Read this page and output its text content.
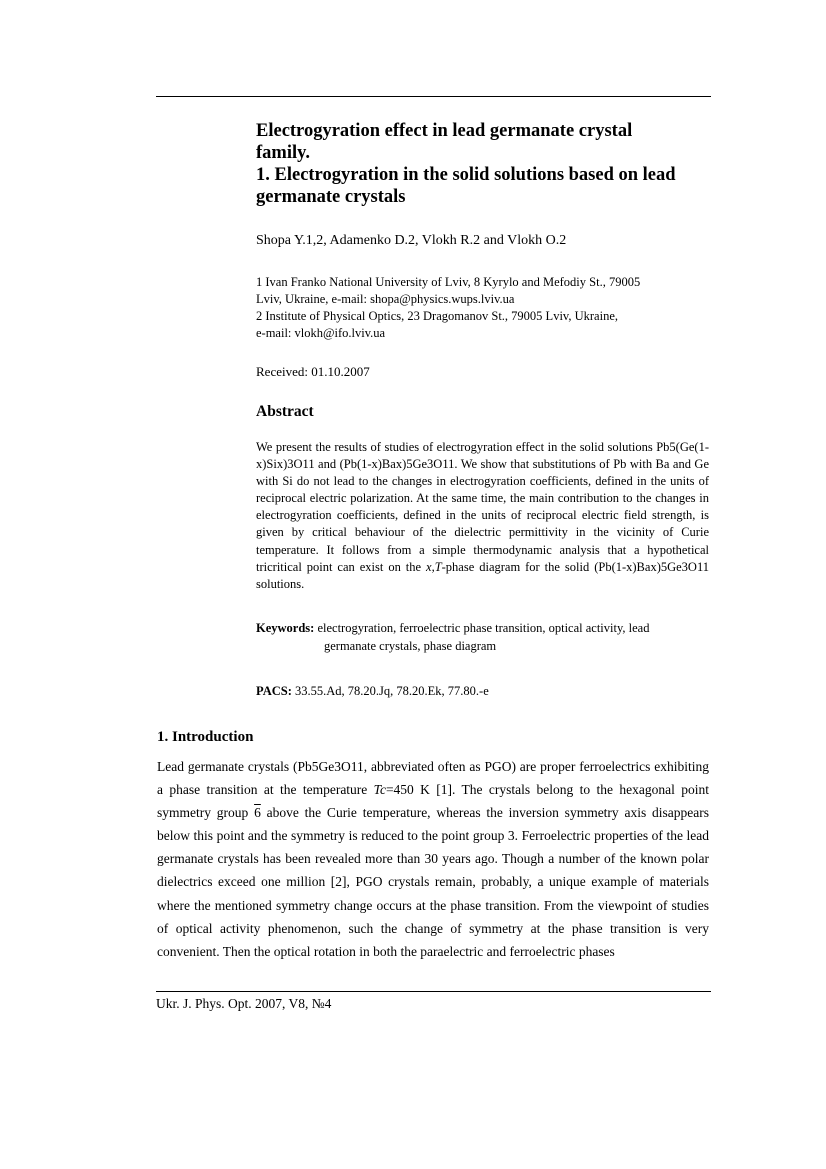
Electrogyration effect in lead germanate crystal
family.
1. Electrogyration in the solid solutions based on lead
germanate crystals
Shopa Y.1,2, Adamenko D.2, Vlokh R.2 and Vlokh O.2
1 Ivan Franko National University of Lviv, 8 Kyrylo and Mefodiy St., 79005
Lviv, Ukraine, e-mail: shopa@physics.wups.lviv.ua
2 Institute of Physical Optics, 23 Dragomanov St., 79005 Lviv, Ukraine,
e-mail: vlokh@ifo.lviv.ua
Received: 01.10.2007
Abstract

We present the results of studies of electrogyration effect in the solid solutions Pb5(Ge(1-x)Six)3O11 and (Pb(1-x)Bax)5Ge3O11. We show that substitutions of Pb with Ba and Ge with Si do not lead to the changes in electrogyration coefficients, defined in the units of reciprocal electric polarization. At the same time, the main contribution to the changes in electrogyration coefficients, defined in the units of reciprocal electric field strength, is given by critical behaviour of the dielectric permittivity in the vicinity of Curie temperature. It follows from a simple thermodynamic analysis that a hypothetical tricritical point can exist on the x,T-phase diagram for the solid (Pb(1-x)Bax)5Ge3O11 solutions.

Keywords: electrogyration, ferroelectric phase transition, optical activity, lead
germanate crystals, phase diagram
PACS: 33.55.Ad, 78.20.Jq, 78.20.Ek, 77.80.-e
1. Introduction

Lead germanate crystals (Pb5Ge3O11, abbreviated often as PGO) are proper ferroelectrics exhibiting a phase transition at the temperature Tc=450 K [1]. The crystals belong to the hexagonal point symmetry group 6 above the Curie temperature, whereas the inversion symmetry axis disappears below this point and the symmetry is reduced to the point group 3. Ferroelectric properties of the lead germanate crystals has been revealed more than 30 years ago. Though a number of the known polar dielectrics exceed one million [2], PGO crystals remain, probably, a unique example of materials where the mentioned symmetry change occurs at the phase transition. From the viewpoint of studies of optical activity phenomenon, such the change of symmetry at the phase transition is very convenient. Then the optical rotation in both the paraelectric and ferroelectric phases

Ukr. J. Phys. Opt. 2007, V8, №4
